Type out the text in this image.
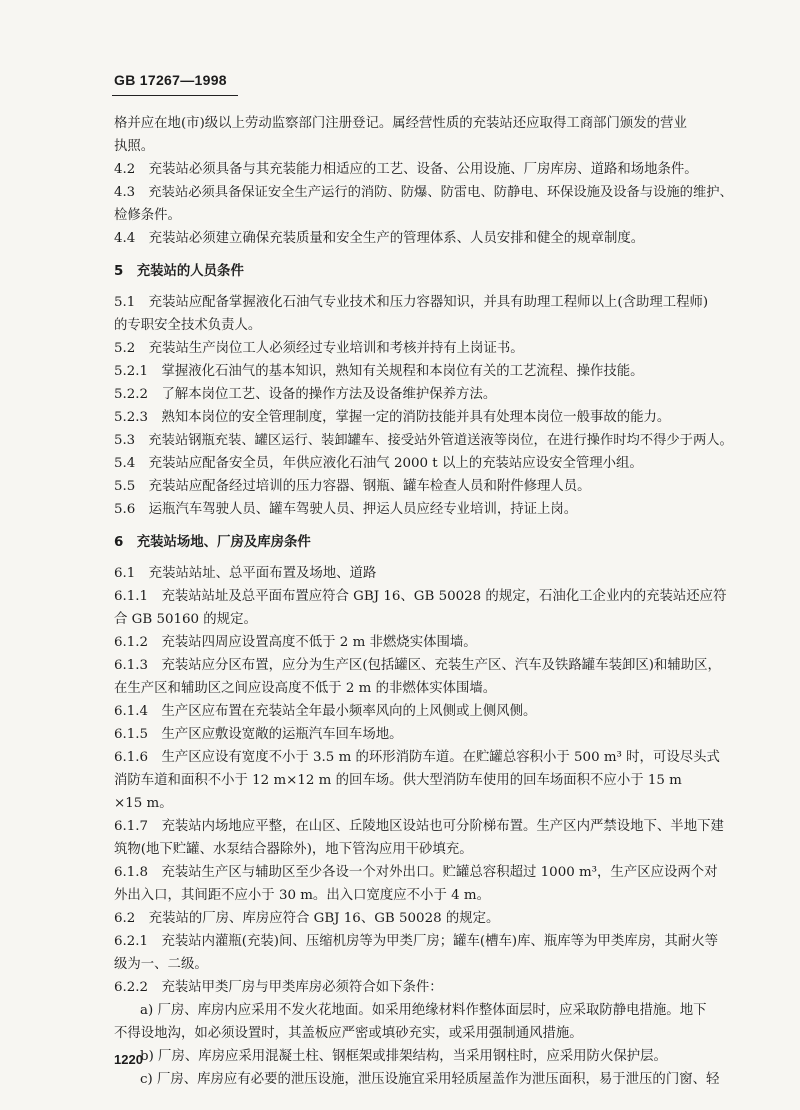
GB 17267—1998
格并应在地(市)级以上劳动监察部门注册登记。属经营性质的充装站还应取得工商部门颁发的营业
执照。
4.2　充装站必须具备与其充装能力相适应的工艺、设备、公用设施、厂房库房、道路和场地条件。
4.3　充装站必须具备保证安全生产运行的消防、防爆、防雷电、防静电、环保设施及设备与设施的维护、
检修条件。
4.4　充装站必须建立确保充装质量和安全生产的管理体系、人员安排和健全的规章制度。
5　充装站的人员条件
5.1　充装站应配备掌握液化石油气专业技术和压力容器知识，并具有助理工程师以上(含助理工程师)
的专职安全技术负责人。
5.2　充装站生产岗位工人必须经过专业培训和考核并持有上岗证书。
5.2.1　掌握液化石油气的基本知识，熟知有关规程和本岗位有关的工艺流程、操作技能。
5.2.2　了解本岗位工艺、设备的操作方法及设备维护保养方法。
5.2.3　熟知本岗位的安全管理制度，掌握一定的消防技能并具有处理本岗位一般事故的能力。
5.3　充装站钢瓶充装、罐区运行、装卸罐车、接受站外管道送液等岗位，在进行操作时均不得少于两人。
5.4　充装站应配备安全员，年供应液化石油气 2000 t 以上的充装站应设安全管理小组。
5.5　充装站应配备经过培训的压力容器、钢瓶、罐车检查人员和附件修理人员。
5.6　运瓶汽车驾驶人员、罐车驾驶人员、押运人员应经专业培训，持证上岗。
6　充装站场地、厂房及库房条件
6.1　充装站站址、总平面布置及场地、道路
6.1.1　充装站站址及总平面布置应符合 GBJ 16、GB 50028 的规定，石油化工企业内的充装站还应符
合 GB 50160 的规定。
6.1.2　充装站四周应设置高度不低于 2 m 非燃烧实体围墙。
6.1.3　充装站应分区布置，应分为生产区(包括罐区、充装生产区、汽车及铁路罐车装卸区)和辅助区，
在生产区和辅助区之间应设高度不低于 2 m 的非燃体实体围墙。
6.1.4　生产区应布置在充装站全年最小频率风向的上风侧或上侧风侧。
6.1.5　生产区应敷设宽敞的运瓶汽车回车场地。
6.1.6　生产区应设有宽度不小于 3.5 m 的环形消防车道。在贮罐总容积小于 500 m³ 时，可设尽头式
消防车道和面积不小于 12 m×12 m 的回车场。供大型消防车使用的回车场面积不应小于 15 m
×15 m。
6.1.7　充装站内场地应平整，在山区、丘陵地区设站也可分阶梯布置。生产区内严禁设地下、半地下建
筑物(地下贮罐、水泵结合器除外)，地下管沟应用干砂填充。
6.1.8　充装站生产区与辅助区至少各设一个对外出口。贮罐总容积超过 1000 m³，生产区应设两个对
外出入口，其间距不应小于 30 m。出入口宽度应不小于 4 m。
6.2　充装站的厂房、库房应符合 GBJ 16、GB 50028 的规定。
6.2.1　充装站内灌瓶(充装)间、压缩机房等为甲类厂房；罐车(槽车)库、瓶库等为甲类库房，其耐火等
级为一、二级。
6.2.2　充装站甲类厂房与甲类库房必须符合如下条件：
a) 厂房、库房内应采用不发火花地面。如采用绝缘材料作整体面层时，应采取防静电措施。地下
不得设地沟，如必须设置时，其盖板应严密或填砂充实，或采用强制通风措施。
b) 厂房、库房应采用混凝土柱、钢框架或排架结构，当采用钢柱时，应采用防火保护层。
c) 厂房、库房应有必要的泄压设施，泄压设施宜采用轻质屋盖作为泄压面积，易于泄压的门窗、轻
1220
